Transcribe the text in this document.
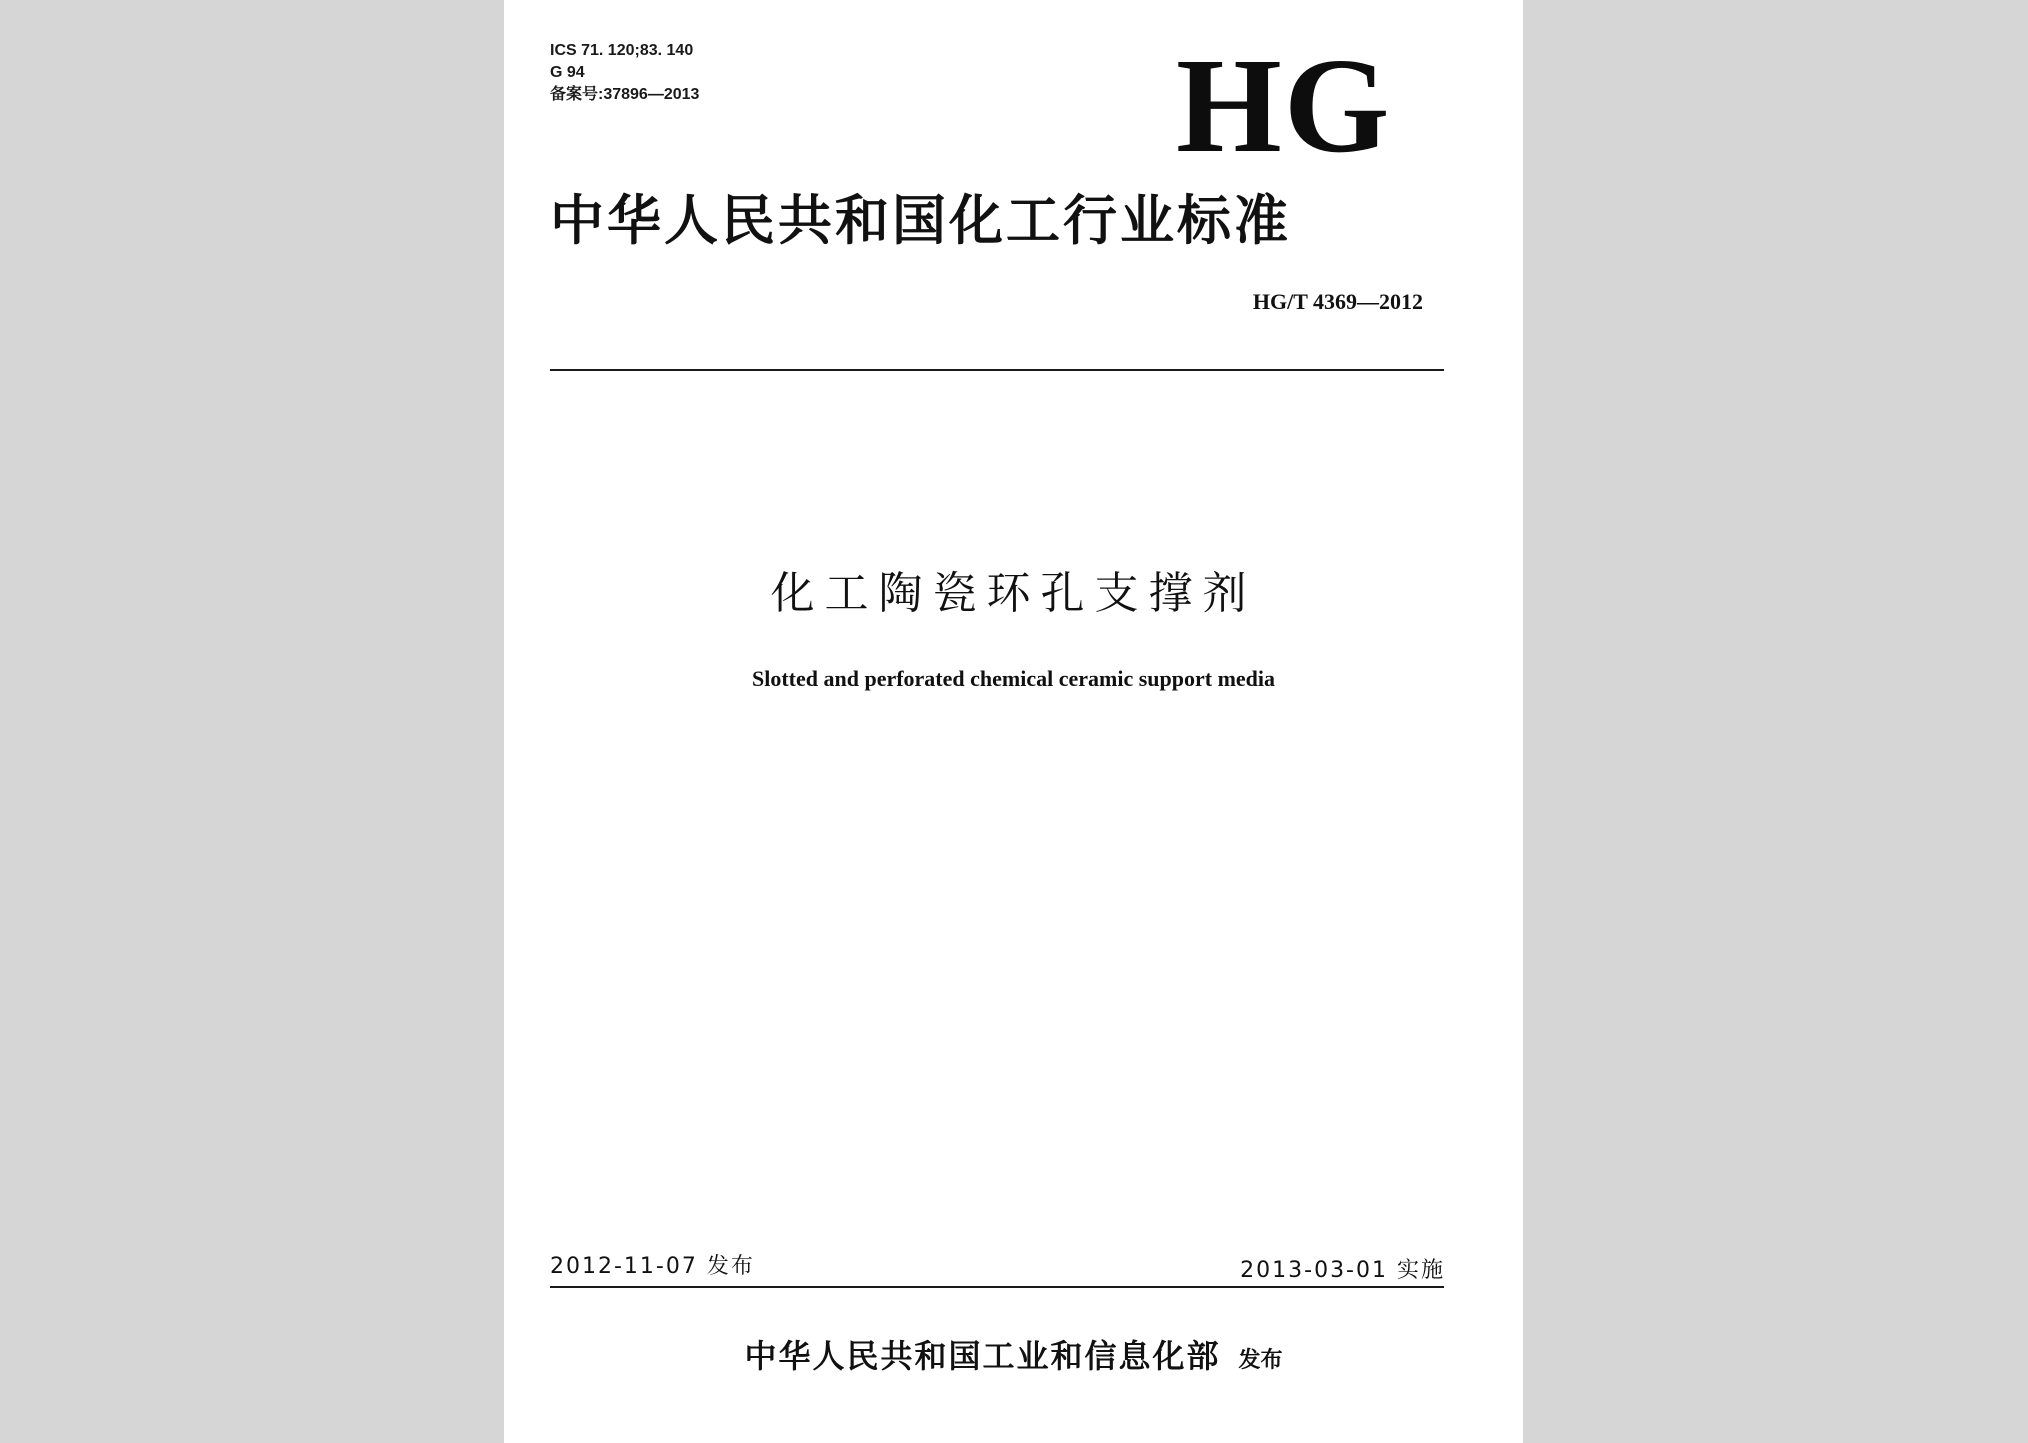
ICS 71. 120;83. 140
G 94
备案号:37896—2013	HG
中华人民共和国化工行业标准
HG/T 4369—2012
化工陶瓷环孔支撑剂
Slotted and perforated chemical ceramic support media
2012-11-07 发布	2013-03-01 实施
中华人民共和国工业和信息化部 发布
